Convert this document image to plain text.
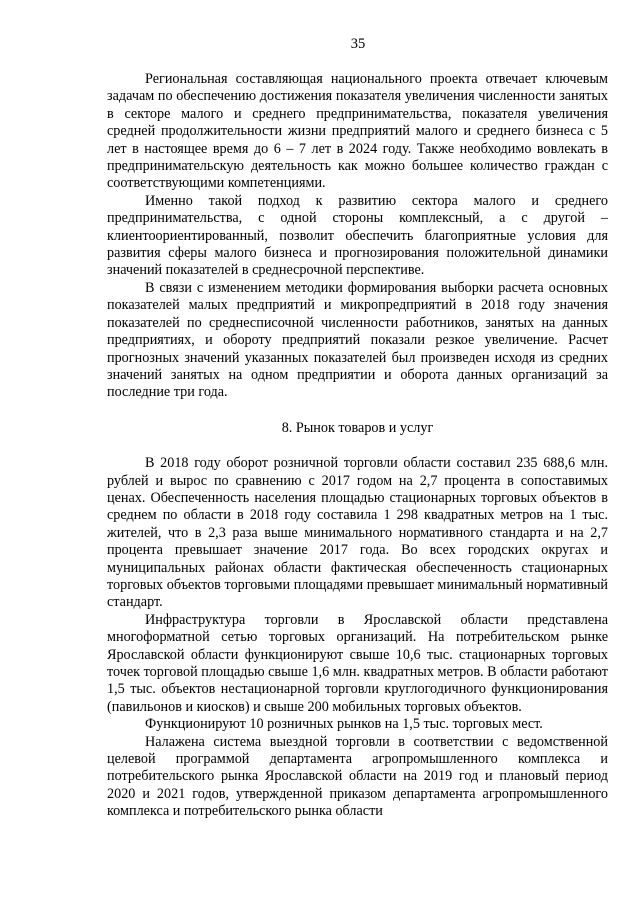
35

Региональная составляющая национального проекта отвечает ключевым задачам по обеспечению достижения показателя увеличения численности занятых в секторе малого и среднего предпринимательства, показателя увеличения средней продолжительности жизни предприятий малого и среднего бизнеса с 5 лет в настоящее время до 6 – 7 лет в 2024 году. Также необходимо вовлекать в предпринимательскую деятельность как можно большее количество граждан с соответствующими компетенциями.

Именно такой подход к развитию сектора малого и среднего предпринимательства, с одной стороны комплексный, а с другой – клиентоориентированный, позволит обеспечить благоприятные условия для развития сферы малого бизнеса и прогнозирования положительной динамики значений показателей в среднесрочной перспективе.

В связи с изменением методики формирования выборки расчета основных показателей малых предприятий и микропредприятий в 2018 году значения показателей по среднесписочной численности работников, занятых на данных предприятиях, и обороту предприятий показали резкое увеличение. Расчет прогнозных значений указанных показателей был произведен исходя из средних значений занятых на одном предприятии и оборота данных организаций за последние три года.

8. Рынок товаров и услуг

В 2018 году оборот розничной торговли области составил 235 688,6 млн. рублей и вырос по сравнению с 2017 годом на 2,7 процента в сопоставимых ценах. Обеспеченность населения площадью стационарных торговых объектов в среднем по области в 2018 году составила 1 298 квадратных метров на 1 тыс. жителей, что в 2,3 раза выше минимального нормативного стандарта и на 2,7 процента превышает значение 2017 года. Во всех городских округах и муниципальных районах области фактическая обеспеченность стационарных торговых объектов торговыми площадями превышает минимальный нормативный стандарт.

Инфраструктура торговли в Ярославской области представлена многоформатной сетью торговых организаций. На потребительском рынке Ярославской области функционируют свыше 10,6 тыс. стационарных торговых точек торговой площадью свыше 1,6 млн. квадратных метров. В области работают 1,5 тыс. объектов нестационарной торговли круглогодичного функционирования (павильонов и киосков) и свыше 200 мобильных торговых объектов.

Функционируют 10 розничных рынков на 1,5 тыс. торговых мест.

Налажена система выездной торговли в соответствии с ведомственной целевой программой департамента агропромышленного комплекса и потребительского рынка Ярославской области на 2019 год и плановый период 2020 и 2021 годов, утвержденной приказом департамента агропромышленного комплекса и потребительского рынка области
